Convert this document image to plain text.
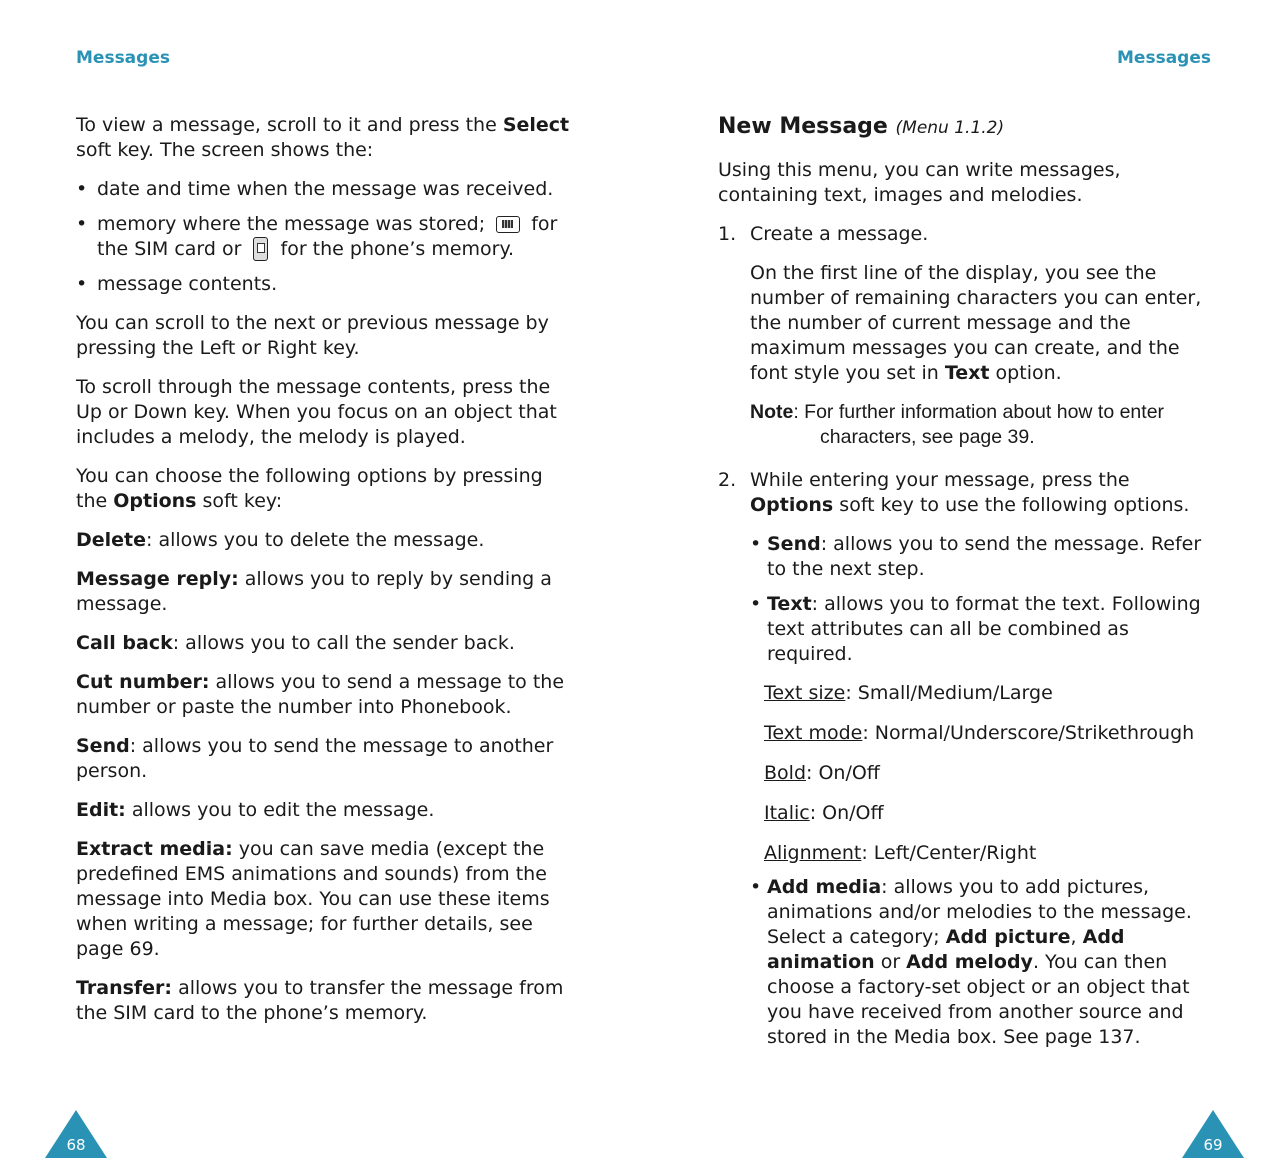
Messages

To view a message, scroll to it and press the Select soft key. The screen shows the:

• date and time when the message was received.
• memory where the message was stored;  for the SIM card or  for the phone’s memory.
• message contents.

You can scroll to the next or previous message by pressing the Left or Right key.

To scroll through the message contents, press the Up or Down key. When you focus on an object that includes a melody, the melody is played.

You can choose the following options by pressing the Options soft key:

Delete: allows you to delete the message.

Message reply: allows you to reply by sending a message.

Call back: allows you to call the sender back.

Cut number: allows you to send a message to the number or paste the number into Phonebook.

Send: allows you to send the message to another person.

Edit: allows you to edit the message.

Extract media: you can save media (except the predefined EMS animations and sounds) from the message into Media box. You can use these items when writing a message; for further details, see page 69.

Transfer: allows you to transfer the message from the SIM card to the phone’s memory.

68
Messages
New Message (Menu 1.1.2)

Using this menu, you can write messages, containing text, images and melodies.

1. Create a message.

On the first line of the display, you see the number of remaining characters you can enter, the number of current message and the maximum messages you can create, and the font style you set in Text option.

Note: For further information about how to enter
characters, see page 39.
2. While entering your message, press the Options soft key to use the following options.

• Send: allows you to send the message. Refer to the next step.
• Text: allows you to format the text. Following text attributes can all be combined as required.
Text size: Small/Medium/Large
Text mode: Normal/Underscore/Strikethrough
Bold: On/Off
Italic: On/Off
Alignment: Left/Center/Right
• Add media: allows you to add pictures, animations and/or melodies to the message. Select a category; Add picture, Add animation or Add melody. You can then choose a factory-set object or an object that you have received from another source and stored in the Media box. See page 137.
69
